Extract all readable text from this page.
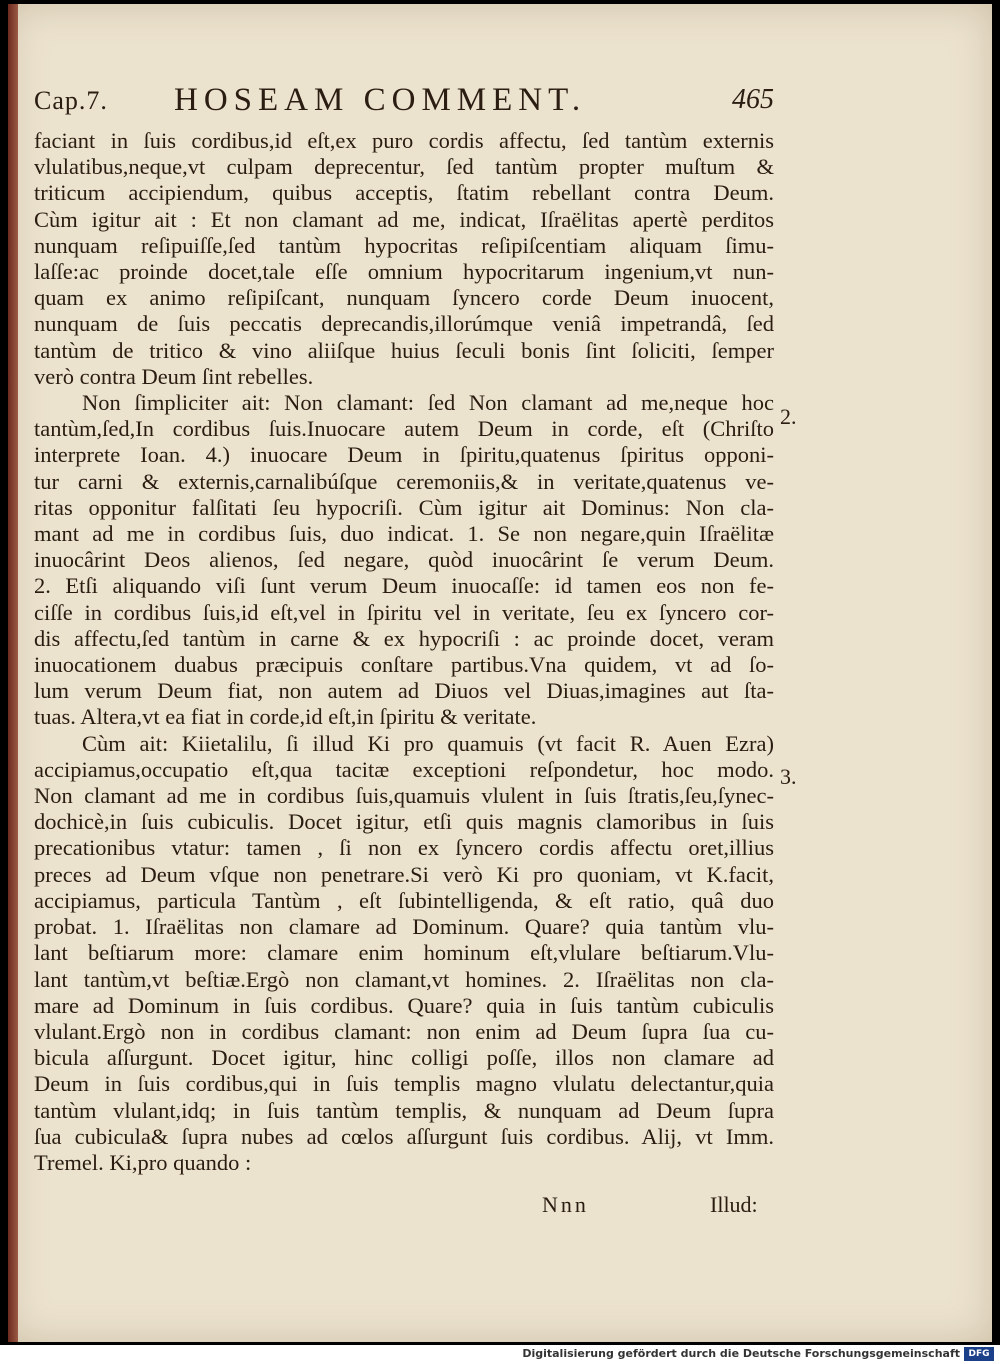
Cap.7. HOSEAM COMMENT.	465
faciant in ſuis cordibus,id eſt,ex puro cordis affectu, ſed tantùm externis
vlulatibus,neque,vt culpam deprecentur, ſed tantùm propter muſtum &
triticum accipiendum, quibus acceptis, ſtatim rebellant contra Deum.
Cùm igitur ait : Et non clamant ad me, indicat, Iſraëlitas apertè perditos
nunquam reſipuiſſe,ſed tantùm hypocritas reſipiſcentiam aliquam ſimu-
laſſe:ac proinde docet,tale eſſe omnium hypocritarum ingenium,vt nun-
quam ex animo reſipiſcant, nunquam ſyncero corde Deum inuocent,
nunquam de ſuis peccatis deprecandis,illorúmque veniâ impetrandâ, ſed
tantùm de tritico & vino aliiſque huius ſeculi bonis ſint ſoliciti, ſemper
verò contra Deum ſint rebelles.
Non ſimpliciter ait: Non clamant: ſed Non clamant ad me,neque hoc
tantùm,ſed,In cordibus ſuis.Inuocare autem Deum in corde, eſt (Chriſto
interprete Ioan. 4.) inuocare Deum in ſpiritu,quatenus ſpiritus opponi-
tur carni & externis,carnalibúſque ceremoniis,& in veritate,quatenus ve-
ritas opponitur falſitati ſeu hypocriſi. Cùm igitur ait Dominus: Non cla-
mant ad me in cordibus ſuis, duo indicat. 1. Se non negare,quin Iſraëlitæ
inuocârint Deos alienos, ſed negare, quòd inuocârint ſe verum Deum.
2. Etſi aliquando viſi ſunt verum Deum inuocaſſe: id tamen eos non fe-
ciſſe in cordibus ſuis,id eſt,vel in ſpiritu vel in veritate, ſeu ex ſyncero cor-
dis affectu,ſed tantùm in carne & ex hypocriſi : ac proinde docet, veram
inuocationem duabus præcipuis conſtare partibus.Vna quidem, vt ad ſo-
lum verum Deum fiat, non autem ad Diuos vel Diuas,imagines aut ſta-
tuas. Altera,vt ea fiat in corde,id eſt,in ſpiritu & veritate.
Cùm ait: Kiietalilu, ſi illud Ki pro quamuis (vt facit R. Auen Ezra)
accipiamus,occupatio eſt,qua tacitæ exceptioni reſpondetur, hoc modo.
Non clamant ad me in cordibus ſuis,quamuis vlulent in ſuis ſtratis,ſeu,ſynec-
dochicè,in ſuis cubiculis. Docet igitur, etſi quis magnis clamoribus in ſuis
precationibus vtatur: tamen , ſi non ex ſyncero cordis affectu oret,illius
preces ad Deum vſque non penetrare.Si verò Ki pro quoniam, vt K.facit,
accipiamus, particula Tantùm , eſt ſubintelligenda, & eſt ratio, quâ duo
probat. 1. Iſraëlitas non clamare ad Dominum. Quare? quia tantùm vlu-
lant beſtiarum more: clamare enim hominum eſt,vlulare beſtiarum.Vlu-
lant tantùm,vt beſtiæ.Ergò non clamant,vt homines. 2. Iſraëlitas non cla-
mare ad Dominum in ſuis cordibus. Quare? quia in ſuis tantùm cubiculis
vlulant.Ergò non in cordibus clamant: non enim ad Deum ſupra ſua cu-
bicula aſſurgunt. Docet igitur, hinc colligi poſſe, illos non clamare ad
Deum in ſuis cordibus,qui in ſuis templis magno vlulatu delectantur,quia
tantùm vlulant,idq; in ſuis tantùm templis, & nunquam ad Deum ſupra
ſua cubicula& ſupra nubes ad cœlos aſſurgunt ſuis cordibus. Alij, vt Imm.
Tremel. Ki,pro quando :
2.
3.
Nnn	Illud:
Digitalisierung gefördert durch die Deutsche Forschungsgemeinschaft DFG
